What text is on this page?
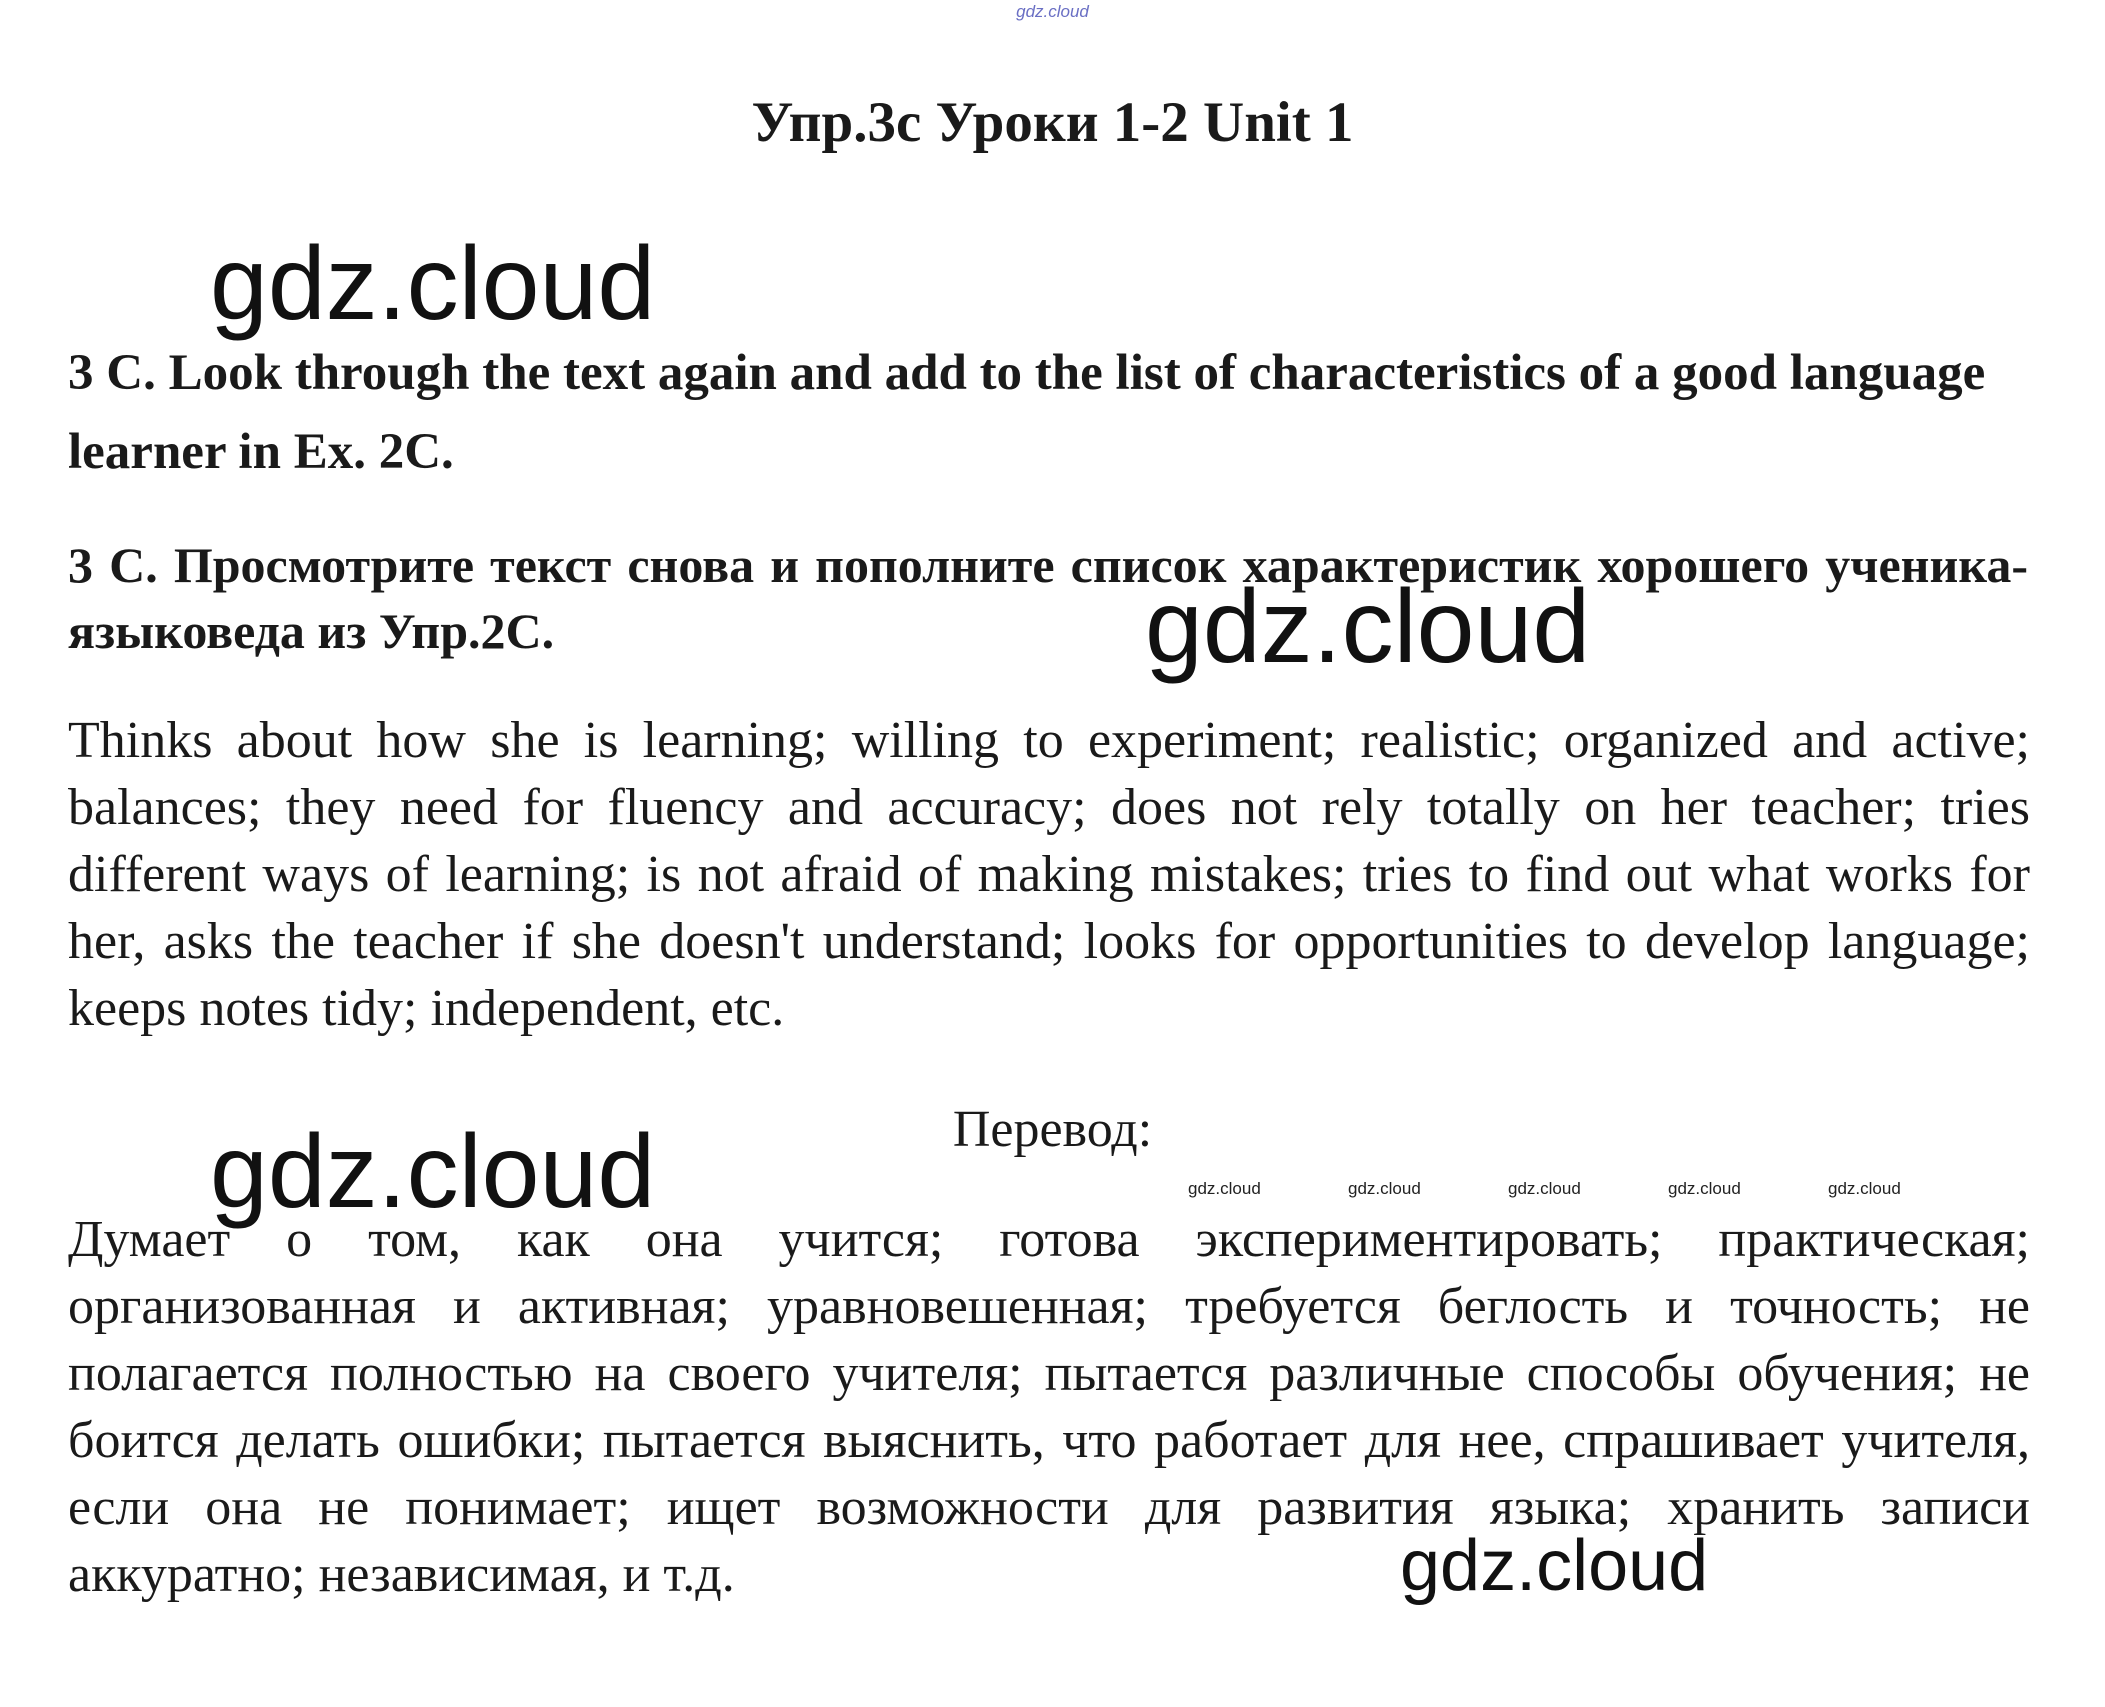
gdz.cloud
Упр.3с Уроки 1-2 Unit 1
3 C. Look through the text again and add to the list of characteristics of a good language learner in Ex. 2C.
3 C. Просмотрите текст снова и пополните список характеристик хорошего ученика-языковеда из Упр.2С.
Thinks about how she is learning; willing to experiment; realistic; organized and active; balances; they need for fluency and accuracy; does not rely totally on her teacher; tries different ways of learning; is not afraid of making mistakes; tries to find out what works for her, asks the teacher if she doesn't understand; looks for opportunities to develop language; keeps notes tidy; independent, etc.
Перевод:
Думает о том, как она учится; готова экспериментировать; практическая; организованная и активная; уравновешенная; требуется беглость и точность; не полагается полностью на своего учителя; пытается различные способы обучения; не боится делать ошибки; пытается выяснить, что работает для нее, спрашивает учителя, если она не понимает; ищет возможности для развития языка; хранить записи аккуратно; независимая, и т.д.
gdz.cloud
gdz.cloud
gdz.cloud
gdz.cloud
gdz.cloud	gdz.cloud	gdz.cloud	gdz.cloud	gdz.cloud
